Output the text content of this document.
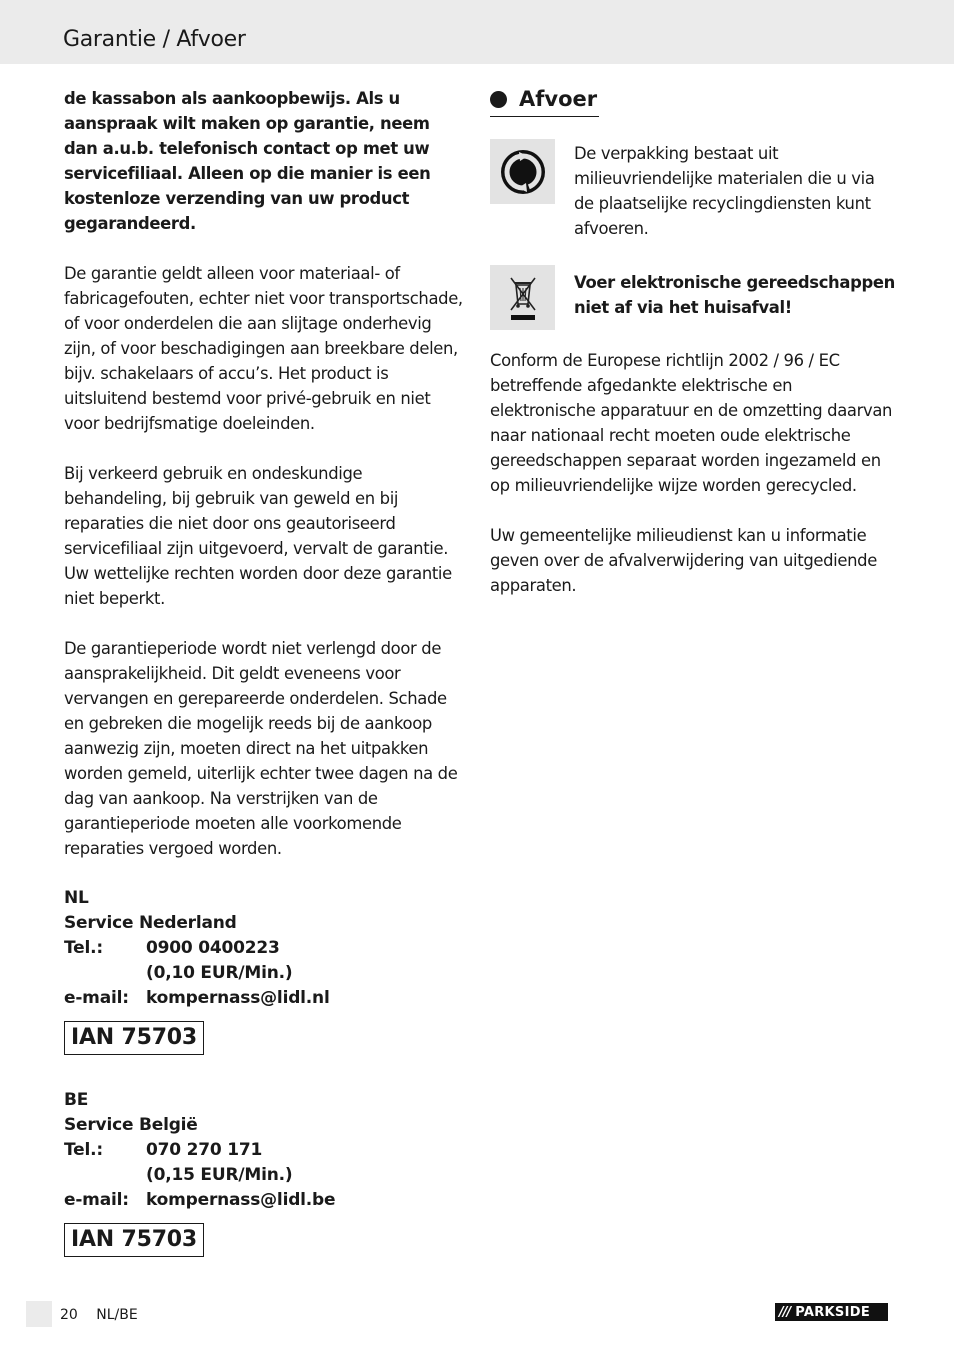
Garantie / Afvoer

de kassabon als aankoopbewijs. Als u aanspraak wilt maken op garantie, neem dan a.u.b. telefonisch contact op met uw servicefiliaal. Alleen op die manier is een kostenloze verzending van uw product gegarandeerd.

De garantie geldt alleen voor materiaal- of fabricagefouten, echter niet voor transportschade, of voor onderdelen die aan slijtage onderhevig zijn, of voor beschadigingen aan breekbare delen, bijv. schakelaars of accu’s. Het product is uitsluitend bestemd voor privé-gebruik en niet voor bedrijfsmatige doeleinden.

Bij verkeerd gebruik en ondeskundige behandeling, bij gebruik van geweld en bij reparaties die niet door ons geautoriseerd servicefiliaal zijn uitgevoerd, vervalt de garantie. Uw wettelijke rechten worden door deze garantie niet beperkt.

De garantieperiode wordt niet verlengd door de aansprakelijkheid. Dit geldt eveneens voor vervangen en gerepareerde onderdelen. Schade en gebreken die mogelijk reeds bij de aankoop aanwezig zijn, moeten direct na het uitpakken worden gemeld, uiterlijk echter twee dagen na de dag van aankoop. Na verstrijken van de garantieperiode moeten alle voorkomende reparaties vergoed worden.

NL
Service Nederland
Tel.:	0900 0400223
(0,10 EUR/Min.)
e-mail:	kompernass@lidl.nl
IAN 75703
BE
Service België
Tel.:	070 270 171
(0,15 EUR/Min.)
e-mail:	kompernass@lidl.be
IAN 75703
Afvoer

De verpakking bestaat uit milieuvriendelijke materialen die u via de plaatselijke recyclingdiensten kunt afvoeren.

Voer elektronische gereedschappen niet af via het huisafval!

Conform de Europese richtlijn 2002 / 96 / EC betreffende afgedankte elektrische en elektronische apparatuur en de omzetting daarvan naar nationaal recht moeten oude elektrische gereedschappen separaat worden ingezameld en op milieuvriendelijke wijze worden gerecycled.

Uw gemeentelijke milieudienst kan u informatie geven over de afvalverwijdering van uitgediende apparaten.

20 NL/BE	/// PARKSIDE
